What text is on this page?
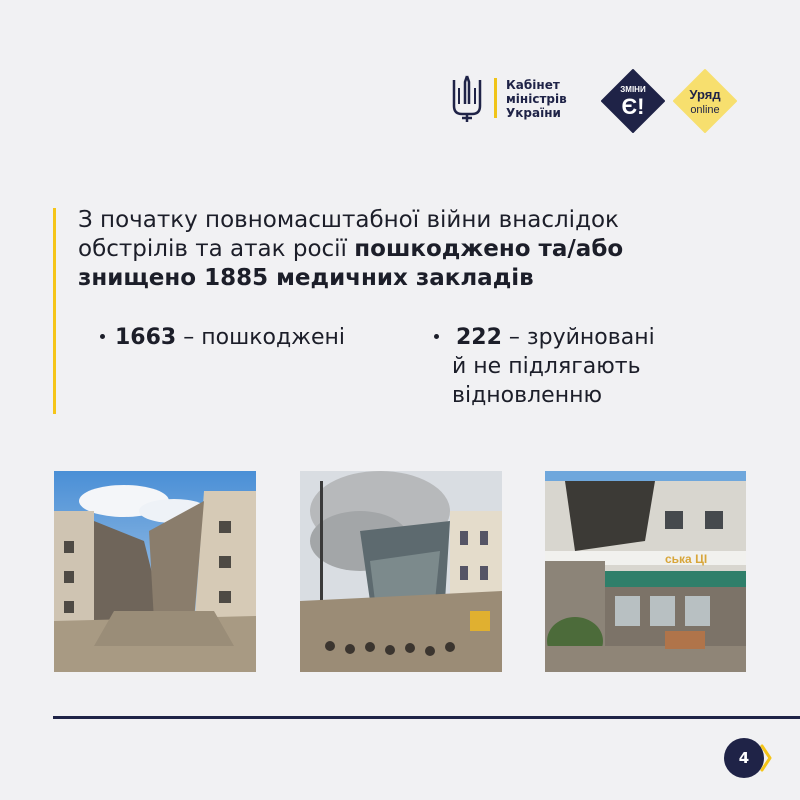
Кабінет
міністрів
України
ЗМІНИ
Є!	Уряд
online

З початку повномасштабної війни внаслідок
обстрілів та атак росії пошкоджено та/або
знищено 1885 медичних закладів

1663 – пошкоджені	222 – зруйновані
й не підлягають
відновленню
ська ЦІ
4
